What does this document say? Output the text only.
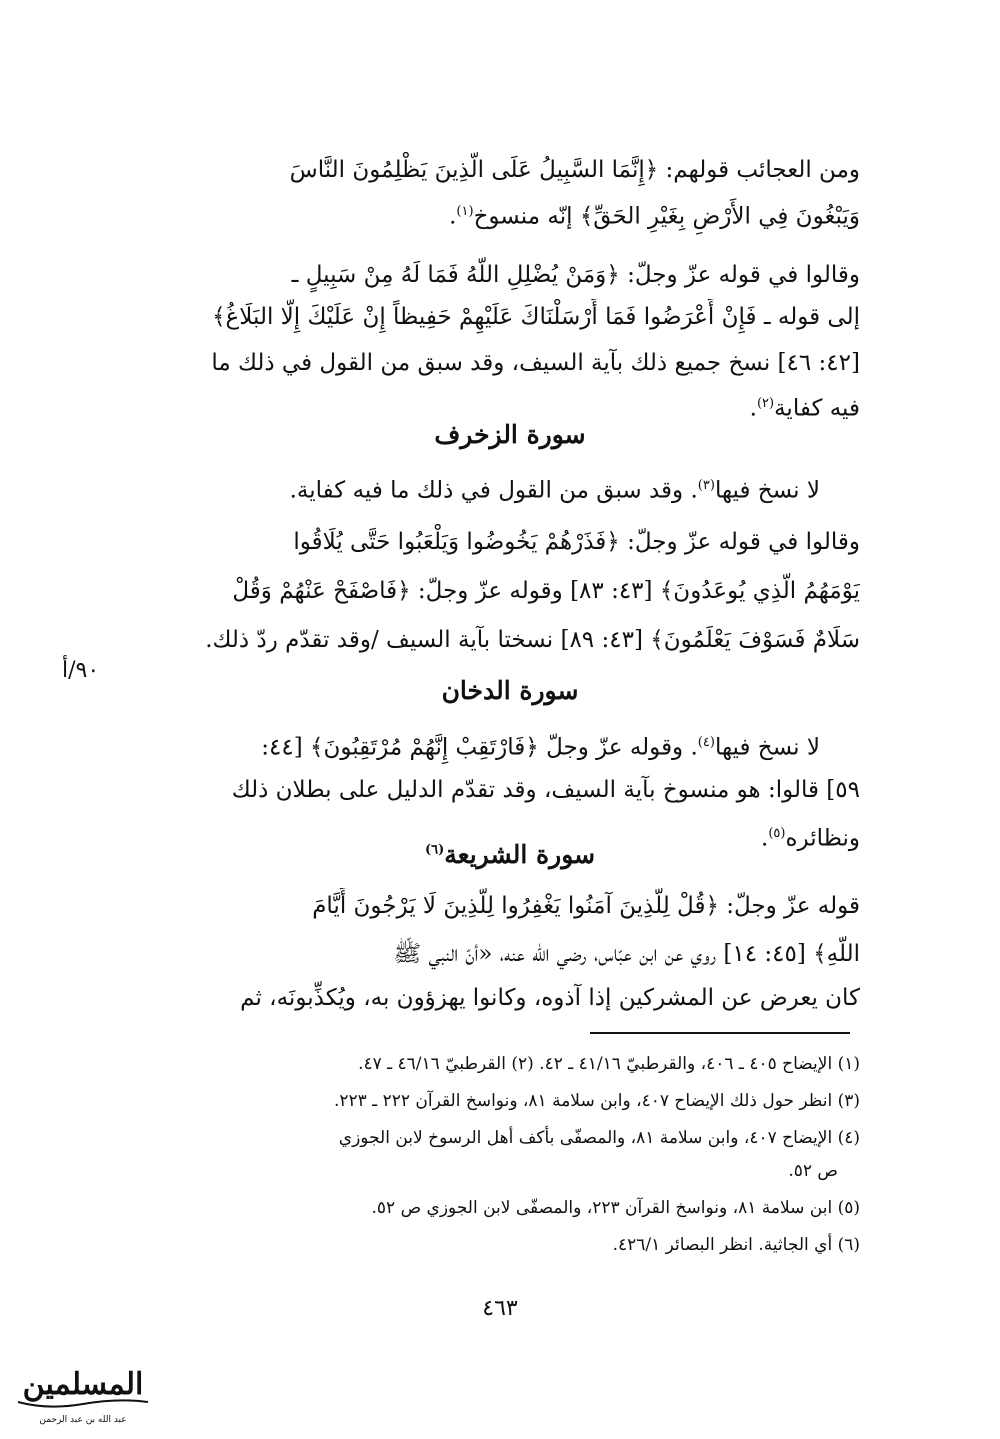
ومن العجائب قولهم: ﴿إِنَّمَا السَّبِيلُ عَلَى الَّذِينَ يَظْلِمُونَ النَّاسَ
وَيَبْغُونَ فِي الأَرْضِ بِغَيْرِ الحَقِّ﴾ إنّه منسوخ$^{(١)}$.
وقالوا في قوله عزّ وجلّ: ﴿وَمَنْ يُضْلِلِ اللَّهُ فَمَا لَهُ مِنْ سَبِيلٍ ـ
إلى قوله ـ فَإِنْ أَعْرَضُوا فَمَا أَرْسَلْنَاكَ عَلَيْهِمْ حَفِيظاً إِنْ عَلَيْكَ إِلَّا البَلَاغُ﴾
[٤٢: ٤٦] نسخ جميع ذلك بآية السيف، وقد سبق من القول في ذلك ما
فيه كفاية$^{(٢)}$.
سورة الزخرف
لا نسخ فيها$^{(٣)}$. وقد سبق من القول في ذلك ما فيه كفاية.
وقالوا في قوله عزّ وجلّ: ﴿فَذَرْهُمْ يَخُوضُوا وَيَلْعَبُوا حَتَّى يُلَاقُوا
يَوْمَهُمُ الَّذِي يُوعَدُونَ﴾ [٤٣: ٨٣] وقوله عزّ وجلّ: ﴿فَاصْفَحْ عَنْهُمْ وَقُلْ
سَلَامٌ فَسَوْفَ يَعْلَمُونَ﴾ [٤٣: ٨٩] نسختا بآية السيف /وقد تقدّم ردّ ذلك.
٩٠/أ
سورة الدخان
لا نسخ فيها$^{(٤)}$. وقوله عزّ وجلّ ﴿فَارْتَقِبْ إِنَّهُمْ مُرْتَقِبُونَ﴾ [٤٤:
٥٩] قالوا: هو منسوخ بآية السيف، وقد تقدّم الدليل على بطلان ذلك
ونظائره$^{(٥)}$.
سورة الشريعة$^{(٦)}$
قوله عزّ وجلّ: ﴿قُلْ لِلَّذِينَ آمَنُوا يَغْفِرُوا لِلَّذِينَ لَا يَرْجُونَ أَيَّامَ
اللَّهِ﴾ [٤٥: ١٤] روي عن ابن عبّاس، رضي الله عنه، «أنّ النبي ﷺ
كان يعرض عن المشركين إذا آذوه، وكانوا يهزؤون به، ويُكذِّبونَه، ثم
(١) الإيضاح ٤٠٥ ـ ٤٠٦، والقرطبيّ ٤١/١٦ ـ ٤٢. (٢) القرطبيّ ٤٦/١٦ ـ ٤٧.
(٣) انظر حول ذلك الإيضاح ٤٠٧، وابن سلامة ٨١، ونواسخ القرآن ٢٢٢ ـ ٢٢٣.
(٤) الإيضاح ٤٠٧، وابن سلامة ٨١، والمصفّى بأكف أهل الرسوخ لابن الجوزي
ص ٥٢.
(٥) ابن سلامة ٨١، ونواسخ القرآن ٢٢٣، والمصفّى لابن الجوزي ص ٥٢.
(٦) أي الجاثية. انظر البصائر ٤٢٦/١.
٤٦٣
المسلمين
عبد الله بن عبد الرحمن
